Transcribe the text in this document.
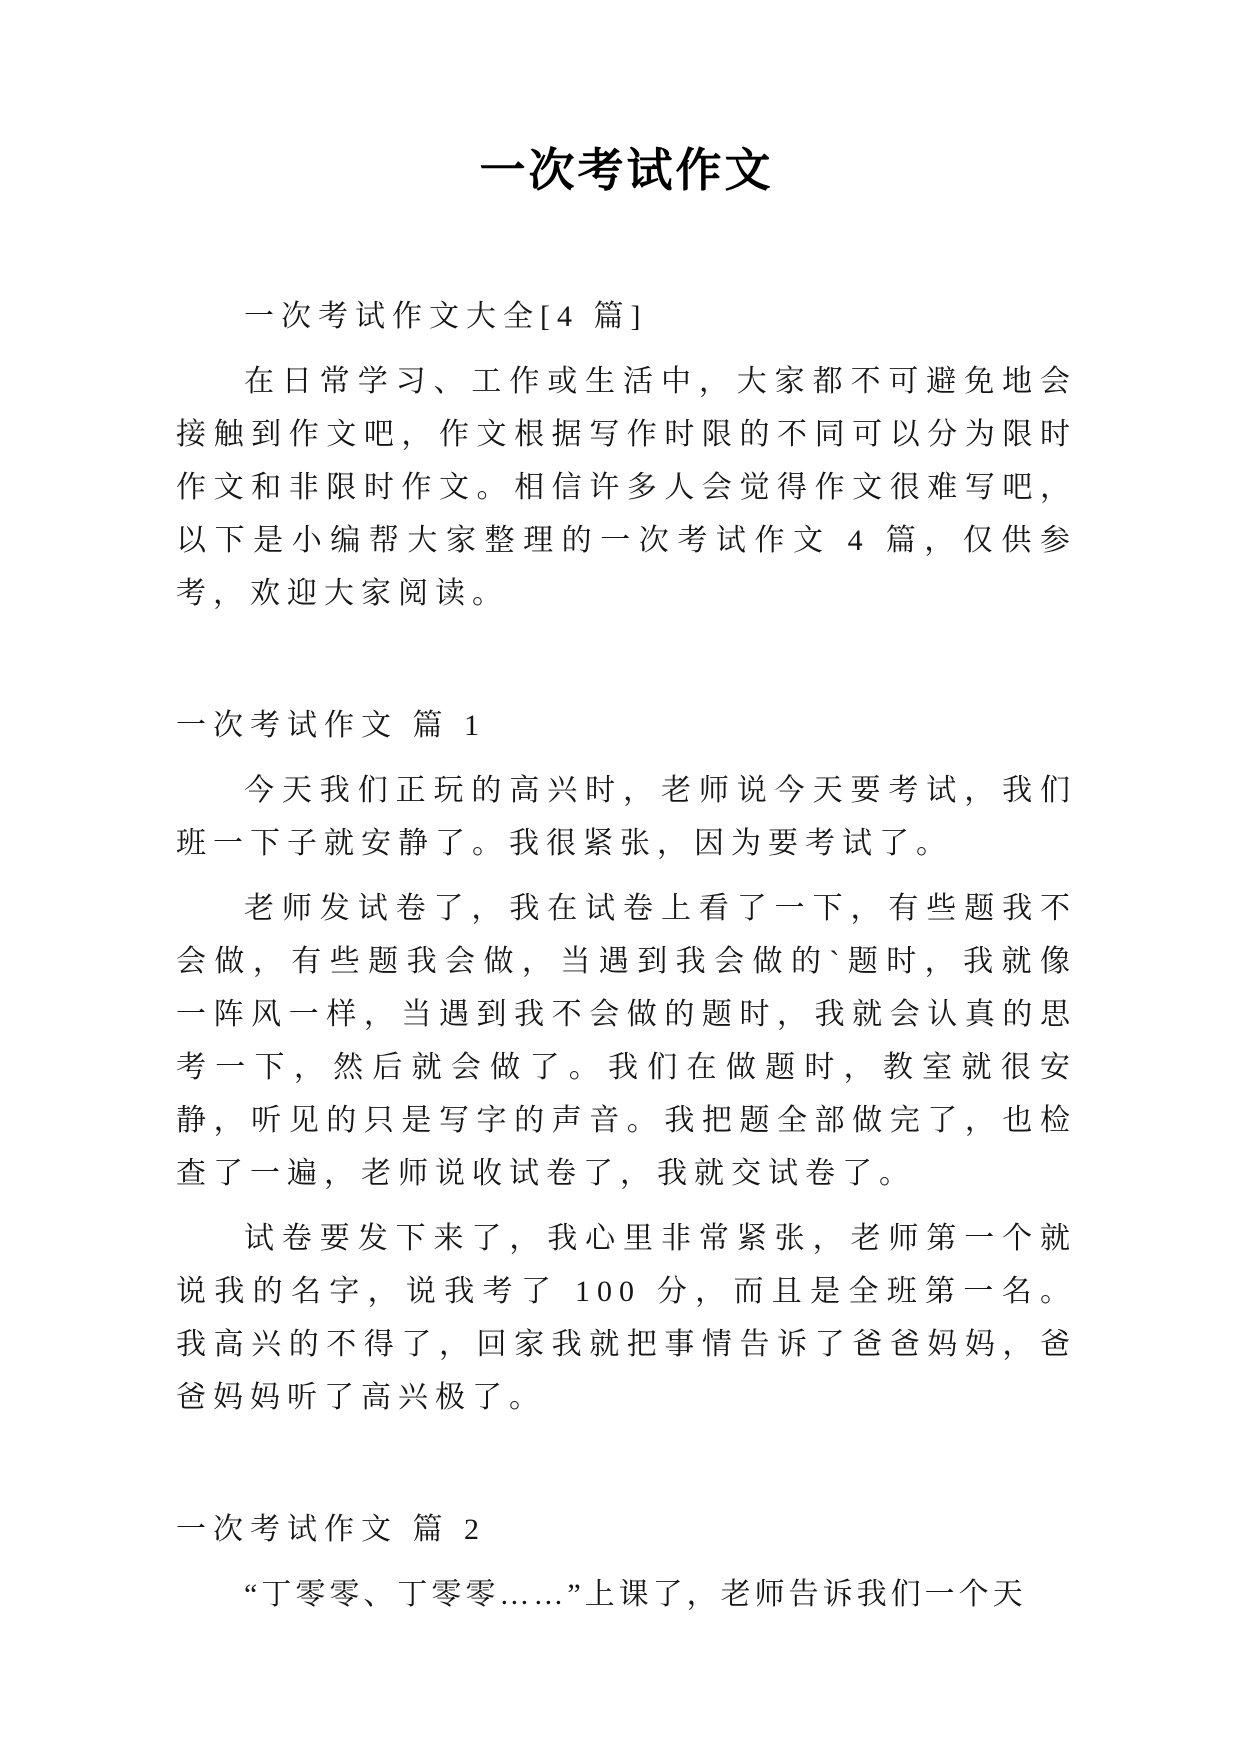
一次考试作文

一次考试作文大全[4 篇]

在日常学习、工作或生活中，大家都不可避免地会接触到作文吧，作文根据写作时限的不同可以分为限时作文和非限时作文。相信许多人会觉得作文很难写吧，以下是小编帮大家整理的一次考试作文 4 篇，仅供参考，欢迎大家阅读。

一次考试作文 篇 1

今天我们正玩的高兴时，老师说今天要考试，我们班一下子就安静了。我很紧张，因为要考试了。

老师发试卷了，我在试卷上看了一下，有些题我不会做，有些题我会做，当遇到我会做的`题时，我就像一阵风一样，当遇到我不会做的题时，我就会认真的思考一下，然后就会做了。我们在做题时，教室就很安静，听见的只是写字的声音。我把题全部做完了，也检查了一遍，老师说收试卷了，我就交试卷了。

试卷要发下来了，我心里非常紧张，老师第一个就说我的名字，说我考了 100 分，而且是全班第一名。我高兴的不得了，回家我就把事情告诉了爸爸妈妈，爸爸妈妈听了高兴极了。

一次考试作文 篇 2

“丁零零、丁零零……”上课了，老师告诉我们一个天
